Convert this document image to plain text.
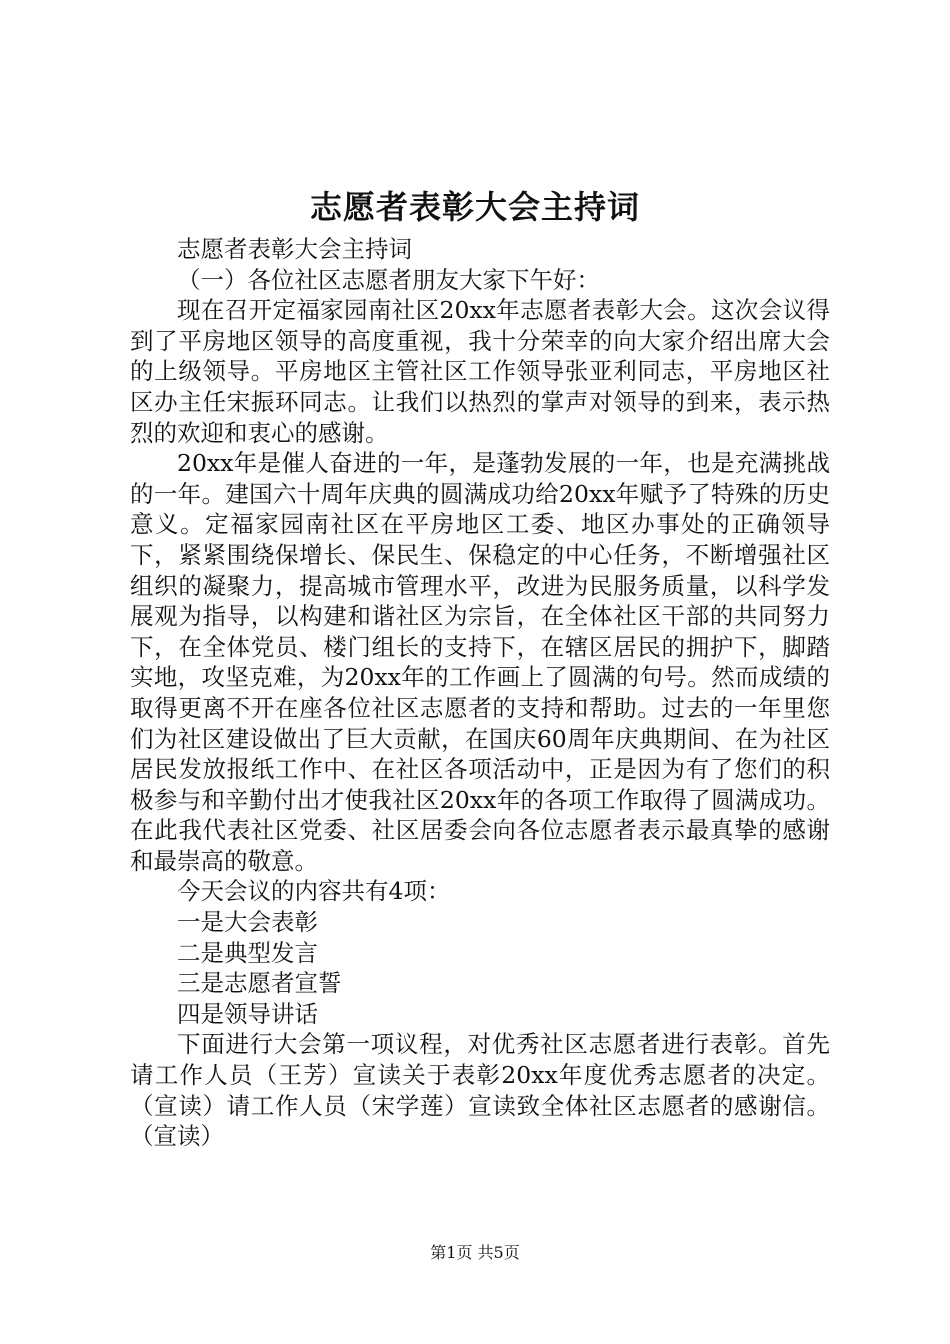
志愿者表彰大会主持词

志愿者表彰大会主持词

（一）各位社区志愿者朋友大家下午好：

现在召开定福家园南社区20xx年志愿者表彰大会。这次会议得到了平房地区领导的高度重视，我十分荣幸的向大家介绍出席大会的上级领导。平房地区主管社区工作领导张亚利同志，平房地区社区办主任宋振环同志。让我们以热烈的掌声对领导的到来，表示热烈的欢迎和衷心的感谢。

20xx年是催人奋进的一年，是蓬勃发展的一年，也是充满挑战的一年。建国六十周年庆典的圆满成功给20xx年赋予了特殊的历史意义。定福家园南社区在平房地区工委、地区办事处的正确领导下，紧紧围绕保增长、保民生、保稳定的中心任务，不断增强社区组织的凝聚力，提高城市管理水平，改进为民服务质量，以科学发展观为指导，以构建和谐社区为宗旨，在全体社区干部的共同努力下，在全体党员、楼门组长的支持下，在辖区居民的拥护下，脚踏实地，攻坚克难，为20xx年的工作画上了圆满的句号。然而成绩的取得更离不开在座各位社区志愿者的支持和帮助。过去的一年里您们为社区建设做出了巨大贡献，在国庆60周年庆典期间、在为社区居民发放报纸工作中、在社区各项活动中，正是因为有了您们的积极参与和辛勤付出才使我社区20xx年的各项工作取得了圆满成功。在此我代表社区党委、社区居委会向各位志愿者表示最真挚的感谢和最崇高的敬意。

今天会议的内容共有4项：

一是大会表彰

二是典型发言

三是志愿者宣誓

四是领导讲话

下面进行大会第一项议程，对优秀社区志愿者进行表彰。首先请工作人员（王芳）宣读关于表彰20xx年度优秀志愿者的决定。（宣读）请工作人员（宋学莲）宣读致全体社区志愿者的感谢信。（宣读）

第1页 共5页
